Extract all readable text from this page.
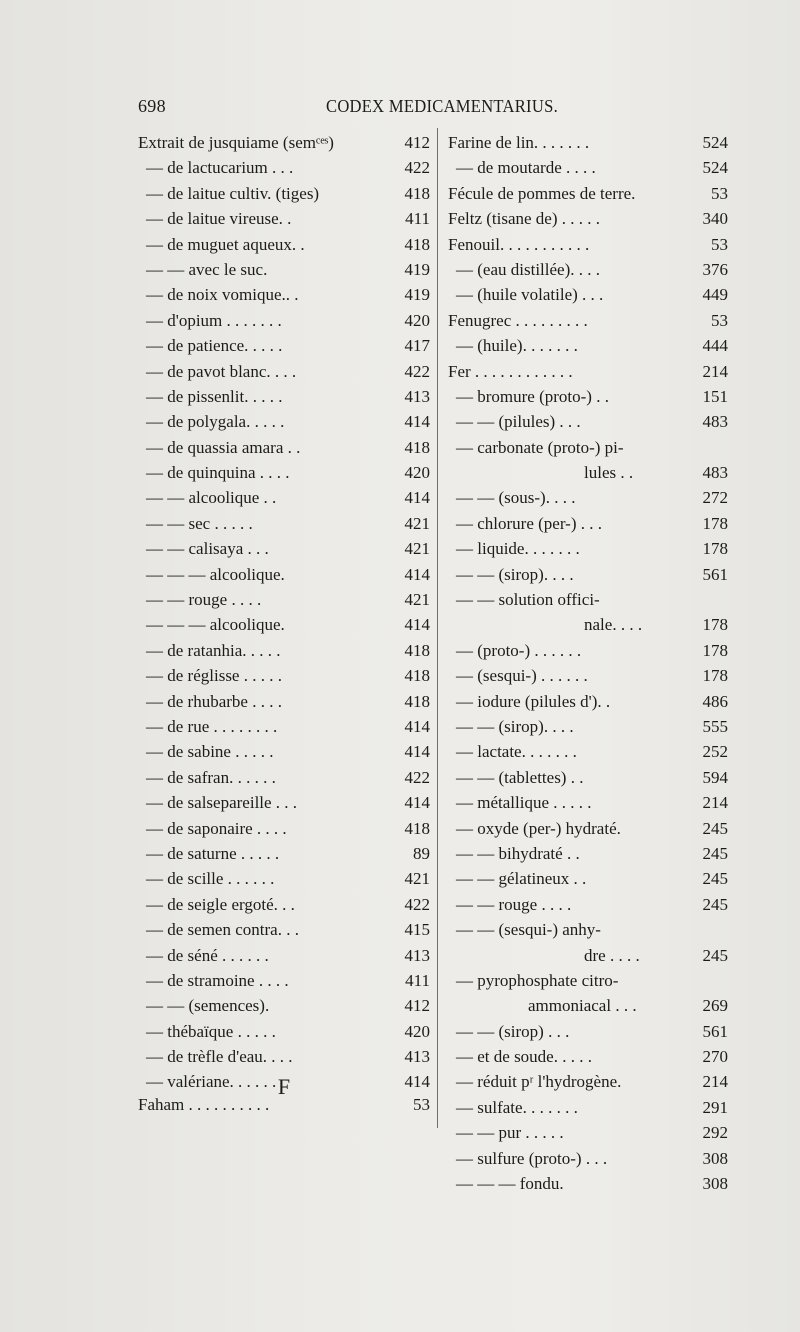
698	CODEX MEDICAMENTARIUS.
Extrait de jusquiame (semᶜᵉˢ)	412
— de lactucarium . . .	422
— de laitue cultiv. (tiges)	418
— de laitue vireuse. .	411
— de muguet aqueux. .	418
— — avec le suc.	419
— de noix vomique.. .	419
— d'opium . . . . . . .	420
— de patience. . . . .	417
— de pavot blanc. . . .	422
— de pissenlit. . . . .	413
— de polygala. . . . .	414
— de quassia amara . .	418
— de quinquina . . . .	420
— — alcoolique . .	414
— — sec . . . . .	421
— — calisaya . . .	421
— — — alcoolique.	414
— — rouge . . . .	421
— — — alcoolique.	414
— de ratanhia. . . . .	418
— de réglisse . . . . .	418
— de rhubarbe . . . .	418
— de rue . . . . . . . .	414
— de sabine . . . . .	414
— de safran. . . . . .	422
— de salsepareille . . .	414
— de saponaire . . . .	418
— de saturne . . . . .	89
— de scille . . . . . .	421
— de seigle ergoté. . .	422
— de semen contra. . .	415
— de séné . . . . . .	413
— de stramoine . . . .	411
— — (semences).	412
— thébaïque . . . . .	420
— de trèfle d'eau. . . .	413
— valériane. . . . . .	414
Farine de lin. . . . . . .	524
— de moutarde . . . .	524
Fécule de pommes de terre.	53
Feltz (tisane de) . . . . .	340
Fenouil. . . . . . . . . . .	53
— (eau distillée). . . .	376
— (huile volatile) . . .	449
Fenugrec . . . . . . . . .	53
— (huile). . . . . . .	444
Fer . . . . . . . . . . . .	214
— bromure (proto-) . .	151
— — (pilules) . . .	483
— carbonate (proto-) pi-
lules . .	483
— — (sous-). . . .	272
— chlorure (per-) . . .	178
— liquide. . . . . . .	178
— — (sirop). . . .	561
— — solution offici-
nale. . . .	178
— (proto-) . . . . . .	178
— (sesqui-) . . . . . .	178
— iodure (pilules d'). .	486
— — (sirop). . . .	555
— lactate. . . . . . .	252
— — (tablettes) . .	594
— métallique . . . . .	214
— oxyde (per-) hydraté.	245
— — bihydraté . .	245
— — gélatineux . .	245
— — rouge . . . .	245
— — (sesqui-) anhy-
dre . . . .	245
— pyrophosphate citro-
ammoniacal . . .	269
— — (sirop) . . .	561
— et de soude. . . . .	270
— réduit pʳ l'hydrogène.	214
— sulfate. . . . . . .	291
— — pur . . . . .	292
— sulfure (proto-) . . .	308
— — — fondu.	308
F
Faham . . . . . . . . . .	53
